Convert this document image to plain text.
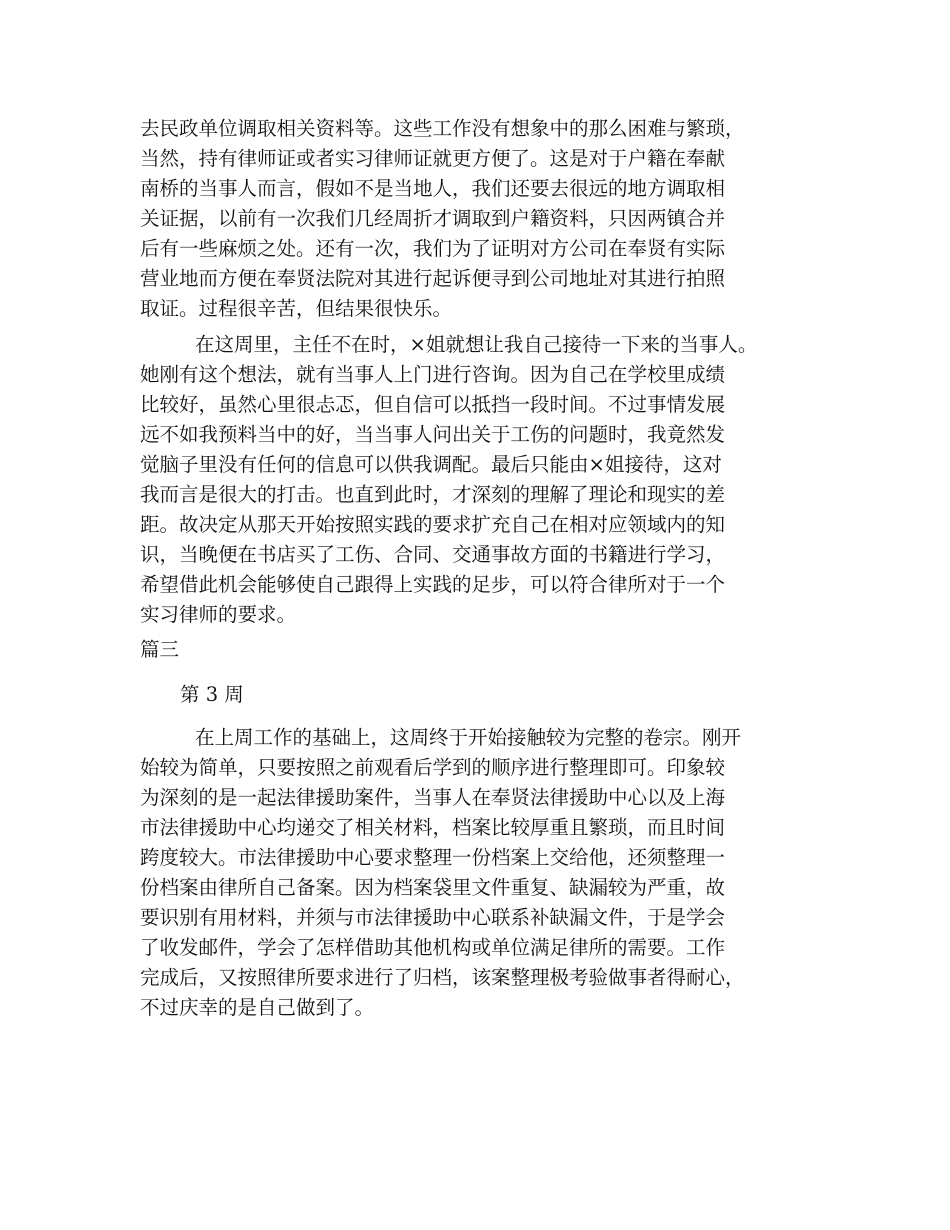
去民政单位调取相关资料等。这些工作没有想象中的那么困难与繁琐，
当然，持有律师证或者实习律师证就更方便了。这是对于户籍在奉献
南桥的当事人而言，假如不是当地人，我们还要去很远的地方调取相
关证据，以前有一次我们几经周折才调取到户籍资料，只因两镇合并
后有一些麻烦之处。还有一次，我们为了证明对方公司在奉贤有实际
营业地而方便在奉贤法院对其进行起诉便寻到公司地址对其进行拍照
取证。过程很辛苦，但结果很快乐。
在这周里，主任不在时，×姐就想让我自己接待一下来的当事人。
她刚有这个想法，就有当事人上门进行咨询。因为自己在学校里成绩
比较好，虽然心里很忐忑，但自信可以抵挡一段时间。不过事情发展
远不如我预料当中的好，当当事人问出关于工伤的问题时，我竟然发
觉脑子里没有任何的信息可以供我调配。最后只能由×姐接待，这对
我而言是很大的打击。也直到此时，才深刻的理解了理论和现实的差
距。故决定从那天开始按照实践的要求扩充自己在相对应领域内的知
识，当晚便在书店买了工伤、合同、交通事故方面的书籍进行学习，
希望借此机会能够使自己跟得上实践的足步，可以符合律所对于一个
实习律师的要求。
篇三
第 3 周
在上周工作的基础上，这周终于开始接触较为完整的卷宗。刚开
始较为简单，只要按照之前观看后学到的顺序进行整理即可。印象较
为深刻的是一起法律援助案件，当事人在奉贤法律援助中心以及上海
市法律援助中心均递交了相关材料，档案比较厚重且繁琐，而且时间
跨度较大。市法律援助中心要求整理一份档案上交给他，还须整理一
份档案由律所自己备案。因为档案袋里文件重复、缺漏较为严重，故
要识别有用材料，并须与市法律援助中心联系补缺漏文件，于是学会
了收发邮件，学会了怎样借助其他机构或单位满足律所的需要。工作
完成后，又按照律所要求进行了归档，该案整理极考验做事者得耐心，
不过庆幸的是自己做到了。
